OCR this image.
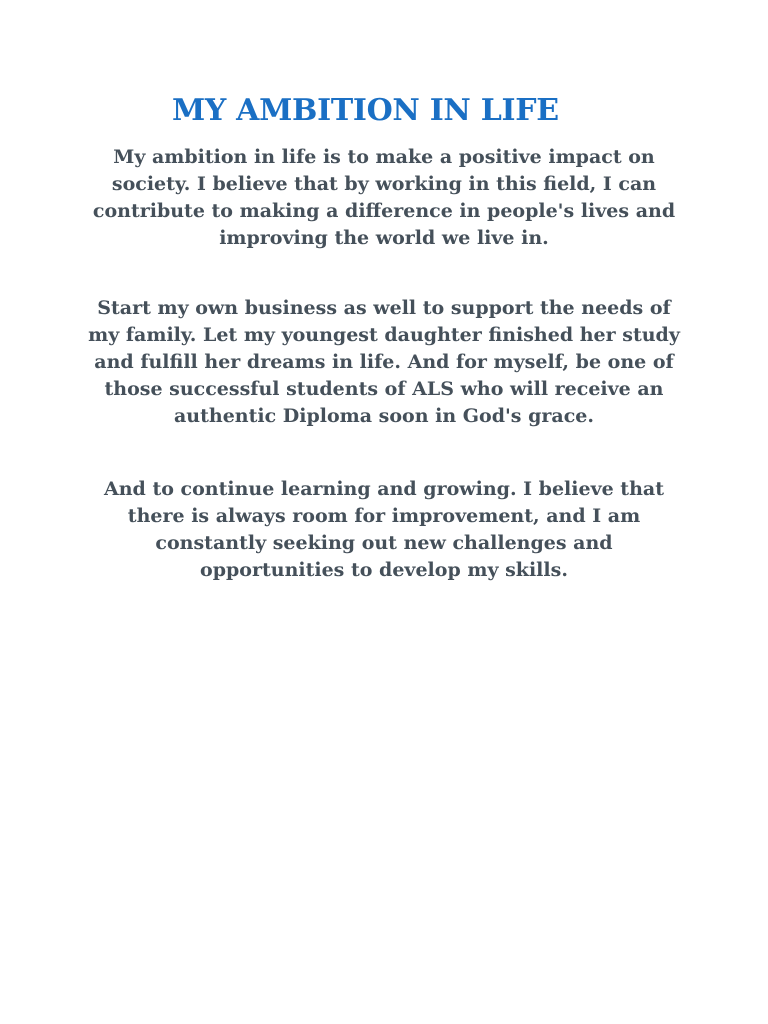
MY AMBITION IN LIFE

My ambition in life is to make a positive impact on society. I believe that by working in this field, I can contribute to making a difference in people's lives and improving the world we live in.

Start my own business as well to support the needs of my family. Let my youngest daughter finished her study and fulfill her dreams in life. And for myself, be one of those successful students of ALS who will receive an authentic Diploma soon in God's grace.

And to continue learning and growing. I believe that there is always room for improvement, and I am constantly seeking out new challenges and opportunities to develop my skills.
